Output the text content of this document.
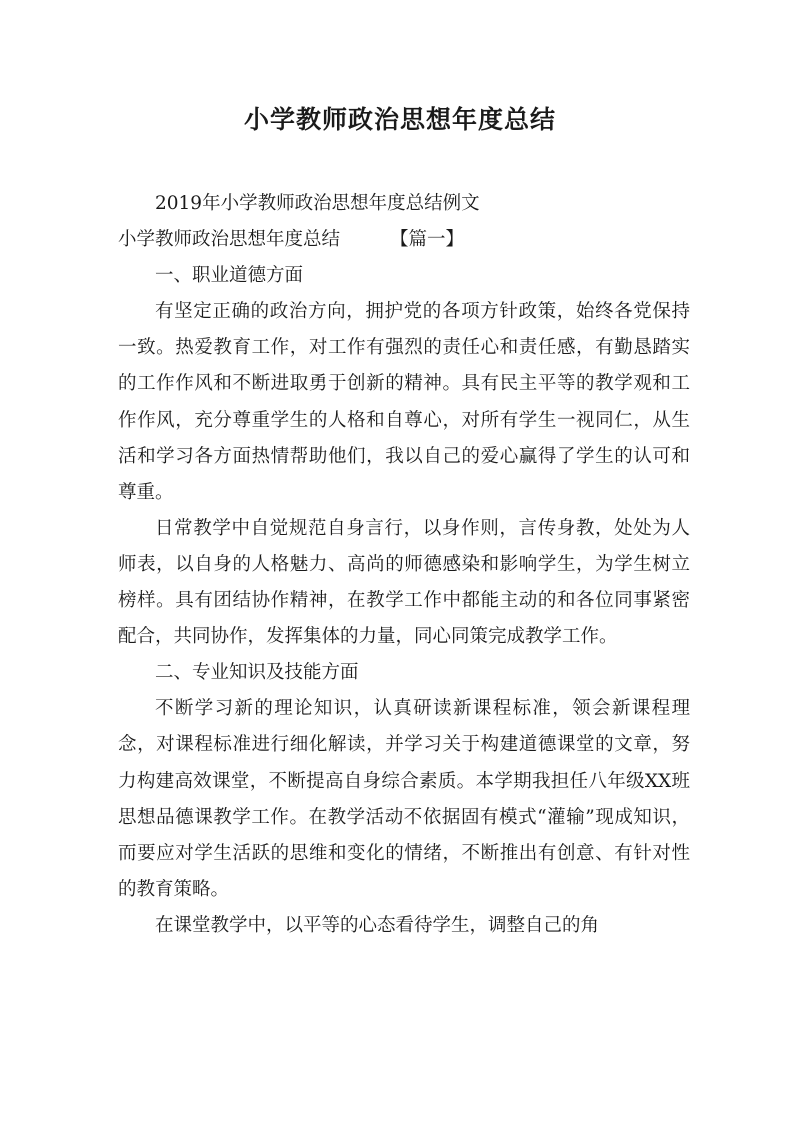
小学教师政治思想年度总结

2019年小学教师政治思想年度总结例文

小学教师政治思想年度总结	【篇一】

一、职业道德方面

有坚定正确的政治方向，拥护党的各项方针政策，始终各党保持一致。热爱教育工作，对工作有强烈的责任心和责任感，有勤恳踏实的工作作风和不断进取勇于创新的精神。具有民主平等的教学观和工作作风，充分尊重学生的人格和自尊心，对所有学生一视同仁，从生活和学习各方面热情帮助他们，我以自己的爱心赢得了学生的认可和尊重。

日常教学中自觉规范自身言行，以身作则，言传身教，处处为人师表，以自身的人格魅力、高尚的师德感染和影响学生，为学生树立榜样。具有团结协作精神，在教学工作中都能主动的和各位同事紧密配合，共同协作，发挥集体的力量，同心同策完成教学工作。

二、专业知识及技能方面

不断学习新的理论知识，认真研读新课程标准，领会新课程理念，对课程标准进行细化解读，并学习关于构建道德课堂的文章，努力构建高效课堂，不断提高自身综合素质。本学期我担任八年级XX班思想品德课教学工作。在教学活动不依据固有模式“灌输”现成知识，而要应对学生活跃的思维和变化的情绪，不断推出有创意、有针对性的教育策略。

在课堂教学中，以平等的心态看待学生，调整自己的角
